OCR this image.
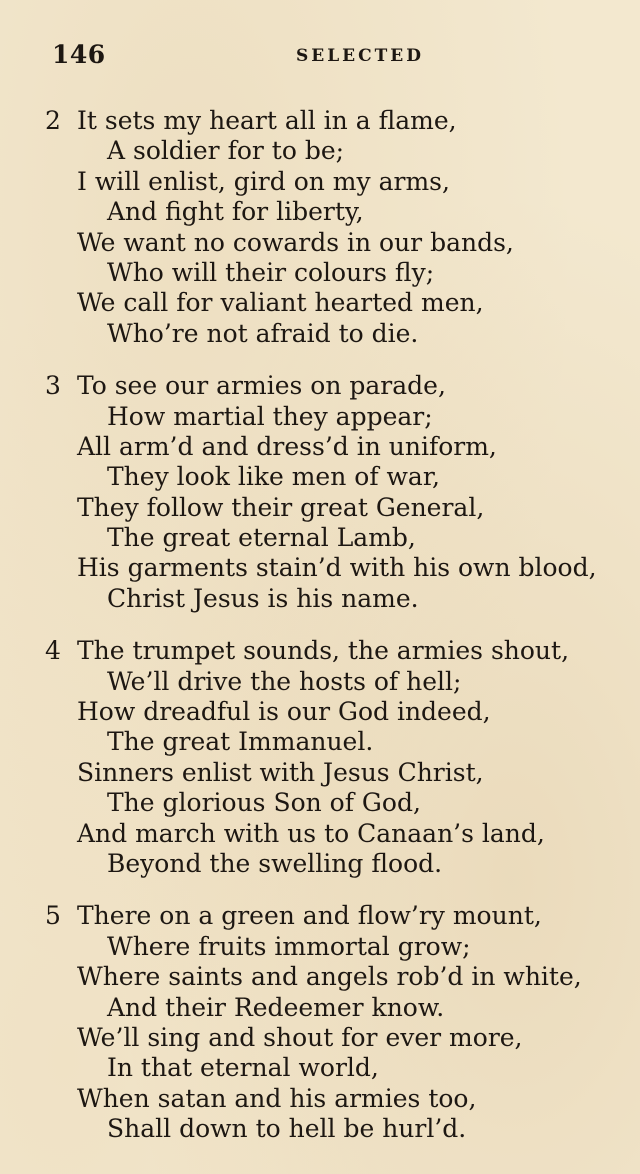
146	SELECTED
2 It sets my heart all in a flame,
A soldier for to be;
I will enlist, gird on my arms,
And fight for liberty,
We want no cowards in our bands,
Who will their colours fly;
We call for valiant hearted men,
Who’re not afraid to die.
3 To see our armies on parade,
How martial they appear;
All arm’d and dress’d in uniform,
They look like men of war,
They follow their great General,
The great eternal Lamb,
His garments stain’d with his own blood,
Christ Jesus is his name.
4 The trumpet sounds, the armies shout,
We’ll drive the hosts of hell;
How dreadful is our God indeed,
The great Immanuel.
Sinners enlist with Jesus Christ,
The glorious Son of God,
And march with us to Canaan’s land,
Beyond the swelling flood.
5 There on a green and flow’ry mount,
Where fruits immortal grow;
Where saints and angels rob’d in white,
And their Redeemer know.
We’ll sing and shout for ever more,
In that eternal world,
When satan and his armies too,
Shall down to hell be hurl’d.
